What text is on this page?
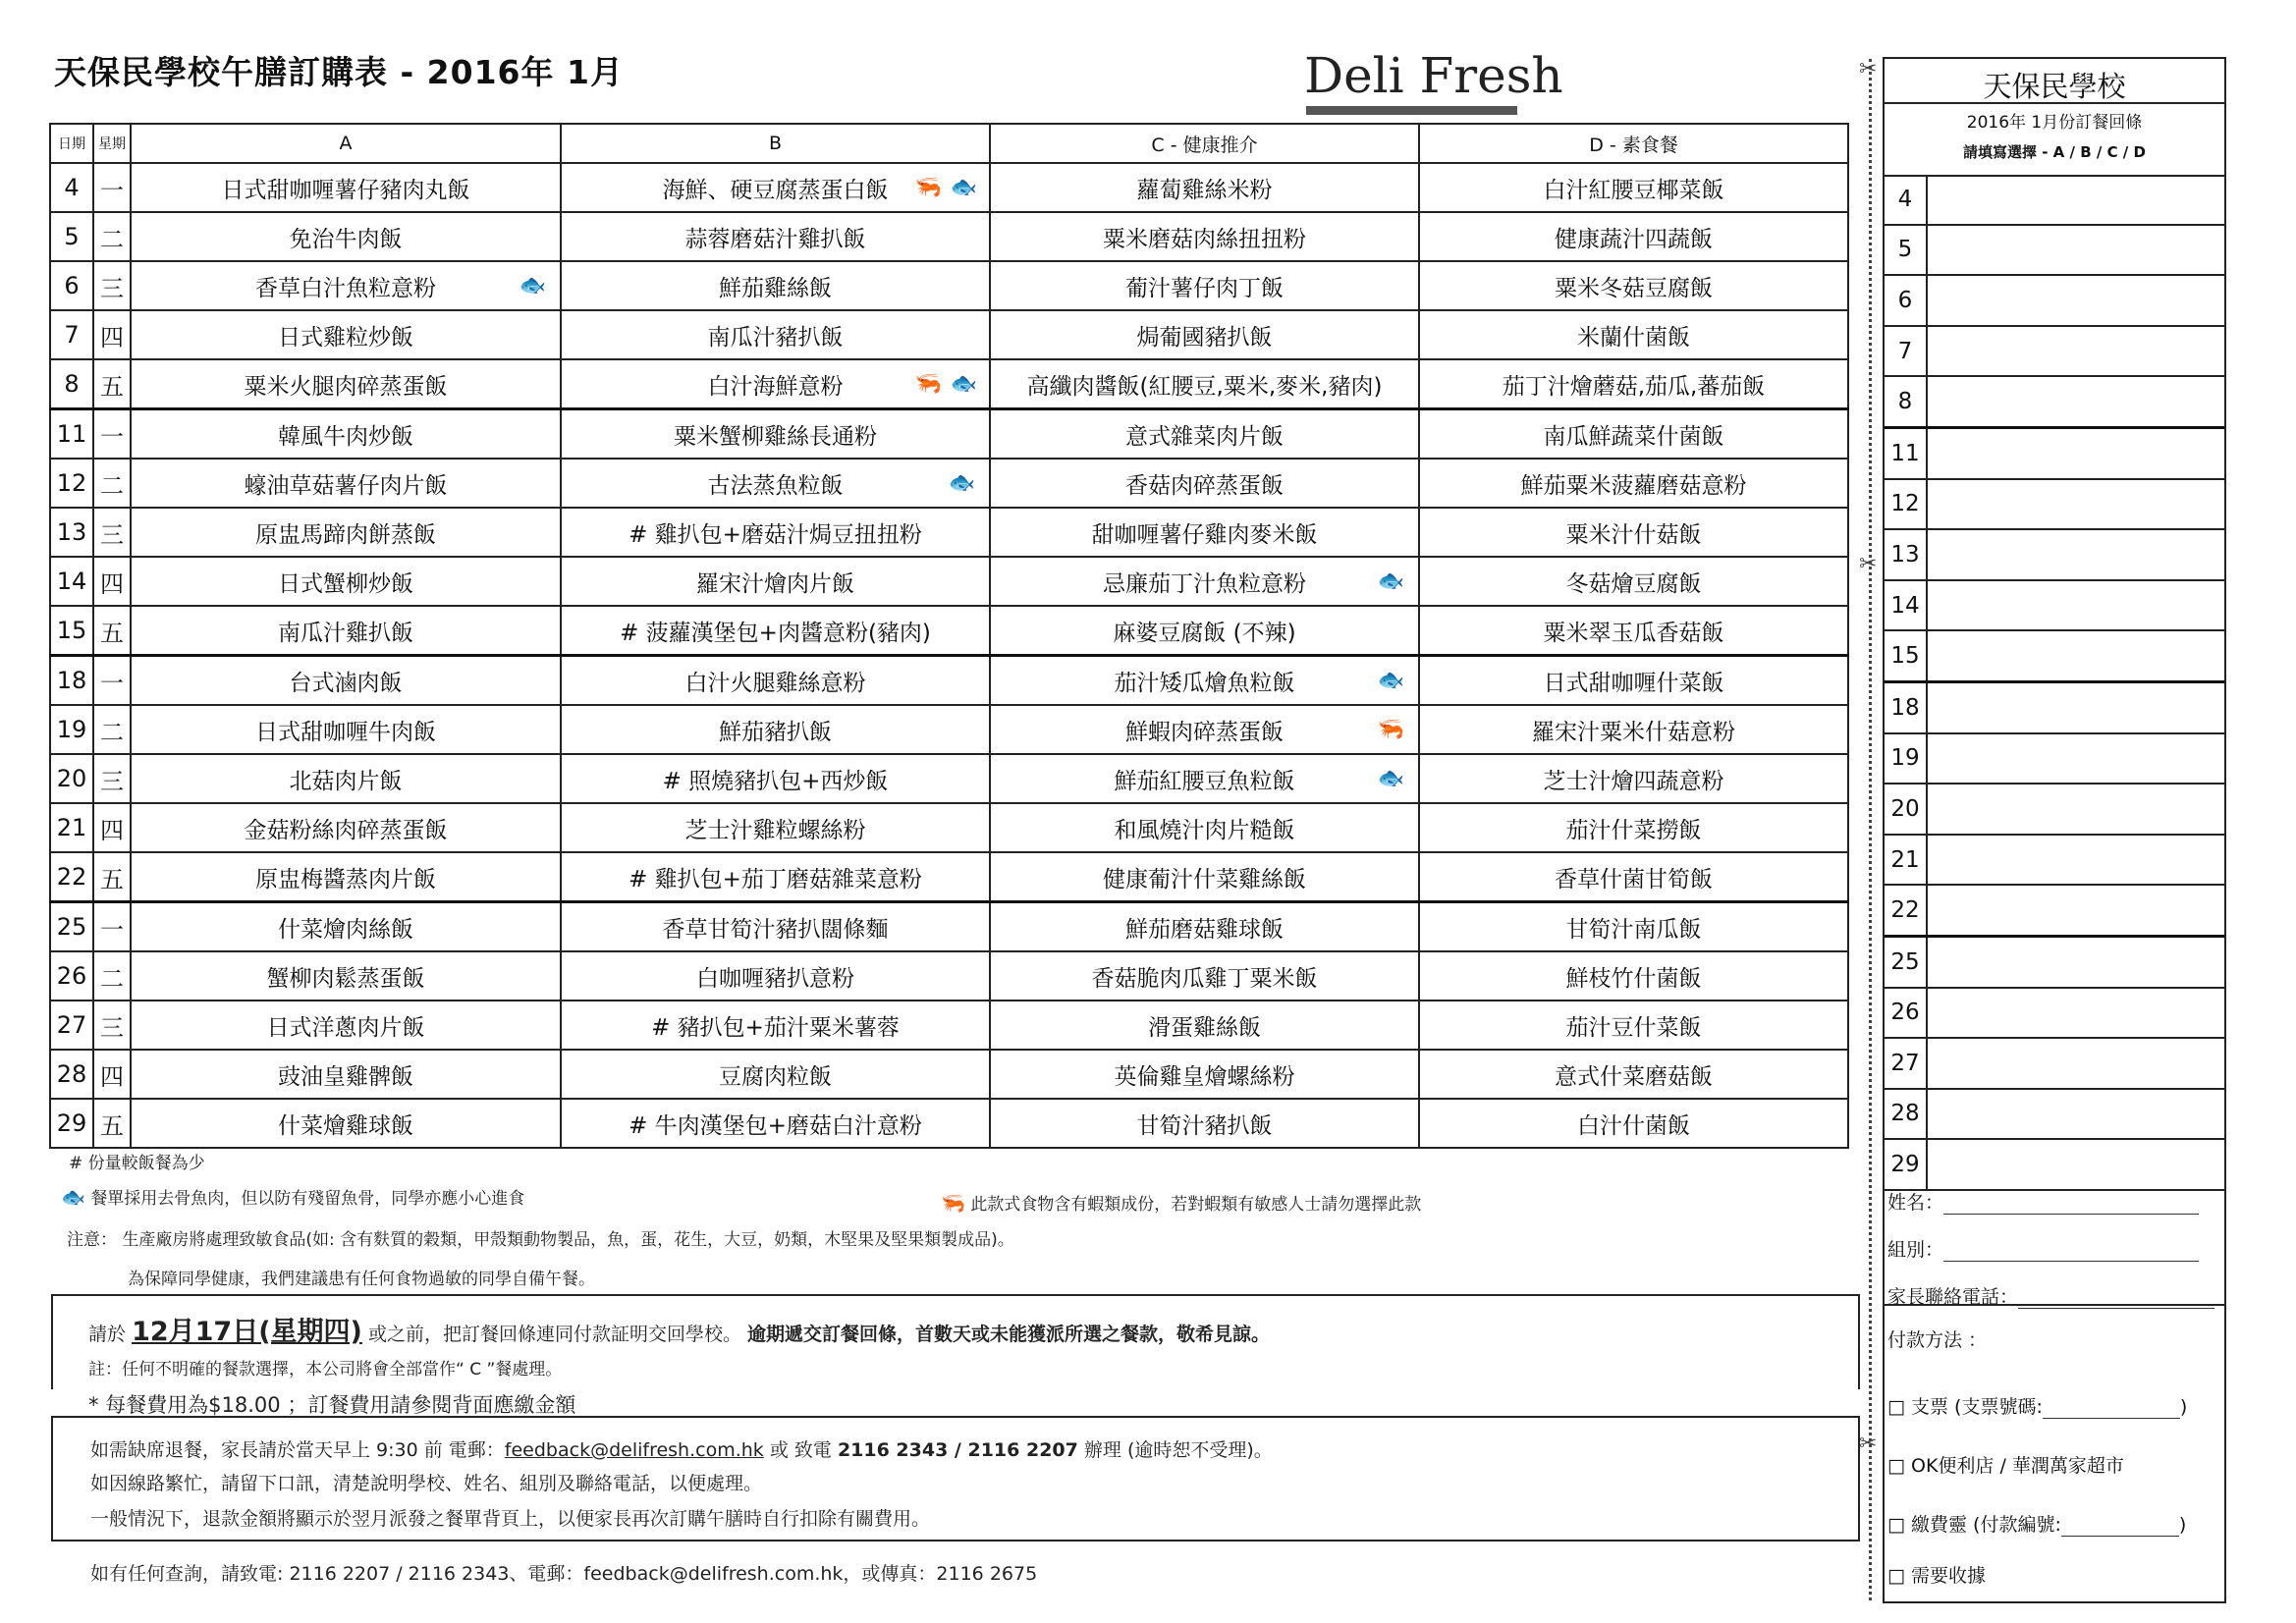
天保民學校午膳訂購表 - 2016年 1月	Deli Fresh
日期	星期	A	B	C - 健康推介	D - 素食餐
4	一	日式甜咖喱薯仔豬肉丸飯	海鮮、硬豆腐蒸蛋白飯 🦐 🐟	蘿蔔雞絲米粉	白汁紅腰豆椰菜飯
5	二	免治牛肉飯	蒜蓉磨菇汁雞扒飯	粟米磨菇肉絲扭扭粉	健康蔬汁四蔬飯
6	三	香草白汁魚粒意粉 🐟	鮮茄雞絲飯	葡汁薯仔肉丁飯	粟米冬菇豆腐飯
7	四	日式雞粒炒飯	南瓜汁豬扒飯	焗葡國豬扒飯	米蘭什菌飯
8	五	粟米火腿肉碎蒸蛋飯	白汁海鮮意粉 🦐 🐟	高纖肉醬飯(紅腰豆,粟米,麥米,豬肉)	茄丁汁燴蘑菇,茄瓜,蕃茄飯
11	一	韓風牛肉炒飯	粟米蟹柳雞絲長通粉	意式雜菜肉片飯	南瓜鮮蔬菜什菌飯
12	二	蠔油草菇薯仔肉片飯	古法蒸魚粒飯 🐟	香菇肉碎蒸蛋飯	鮮茄粟米菠蘿磨菇意粉
13	三	原盅馬蹄肉餅蒸飯	# 雞扒包+磨菇汁焗豆扭扭粉	甜咖喱薯仔雞肉麥米飯	粟米汁什菇飯
14	四	日式蟹柳炒飯	羅宋汁燴肉片飯	忌廉茄丁汁魚粒意粉 🐟	冬菇燴豆腐飯
15	五	南瓜汁雞扒飯	# 菠蘿漢堡包+肉醬意粉(豬肉)	麻婆豆腐飯 (不辣)	粟米翠玉瓜香菇飯
18	一	台式滷肉飯	白汁火腿雞絲意粉	茄汁矮瓜燴魚粒飯 🐟	日式甜咖喱什菜飯
19	二	日式甜咖喱牛肉飯	鮮茄豬扒飯	鮮蝦肉碎蒸蛋飯 🦐	羅宋汁粟米什菇意粉
20	三	北菇肉片飯	# 照燒豬扒包+西炒飯	鮮茄紅腰豆魚粒飯 🐟	芝士汁燴四蔬意粉
21	四	金菇粉絲肉碎蒸蛋飯	芝士汁雞粒螺絲粉	和風燒汁肉片糙飯	茄汁什菜撈飯
22	五	原盅梅醬蒸肉片飯	# 雞扒包+茄丁磨菇雜菜意粉	健康葡汁什菜雞絲飯	香草什菌甘筍飯
25	一	什菜燴肉絲飯	香草甘筍汁豬扒闊條麵	鮮茄磨菇雞球飯	甘筍汁南瓜飯
26	二	蟹柳肉鬆蒸蛋飯	白咖喱豬扒意粉	香菇脆肉瓜雞丁粟米飯	鮮枝竹什菌飯
27	三	日式洋蔥肉片飯	# 豬扒包+茄汁粟米薯蓉	滑蛋雞絲飯	茄汁豆什菜飯
28	四	豉油皇雞髀飯	豆腐肉粒飯	英倫雞皇燴螺絲粉	意式什菜磨菇飯
29	五	什菜燴雞球飯	# 牛肉漢堡包+磨菇白汁意粉	甘筍汁豬扒飯	白汁什菌飯
✂
✂
✂
天保民學校
2016年 1月份訂餐回條
請填寫選擇 - A / B / C / D
4
5
6
7
8
11
12
13
14
15
18
19
20
21
22
25
26
27
28
29
姓名：
組別：
家長聯絡電話：
付款方法 ：
□ 支票 (支票號碼:	)
□ OK便利店 / 華潤萬家超市
□ 繳費靈 (付款編號:	)
□ 需要收據
# 份量較飯餐為少
🐟 餐單採用去骨魚肉，但以防有殘留魚骨，同學亦應小心進食	🦐 此款式食物含有蝦類成份，若對蝦類有敏感人士請勿選擇此款
注意： 生產廠房將處理致敏食品(如: 含有麩質的穀類，甲殼類動物製品，魚，蛋，花生，大豆，奶類，木堅果及堅果類製成品)。
為保障同學健康，我們建議患有任何食物過敏的同學自備午餐。
請於 12月17日(星期四) 或之前，把訂餐回條連同付款証明交回學校。 逾期遞交訂餐回條，首數天或未能獲派所選之餐款，敬希見諒。
註：任何不明確的餐款選擇，本公司將會全部當作“ C ”餐處理。
* 每餐費用為$18.00 ；訂餐費用請參閱背面應繳金額
如需缺席退餐，家長請於當天早上 9:30 前 電郵：feedback@delifresh.com.hk 或 致電 2116 2343 / 2116 2207 辦理 (逾時恕不受理)。
如因線路繁忙，請留下口訊，清楚說明學校、姓名、組別及聯絡電話，以便處理。
一般情況下，退款金額將顯示於翌月派發之餐單背頁上，以便家長再次訂購午膳時自行扣除有關費用。
如有任何查詢，請致電: 2116 2207 / 2116 2343、電郵：feedback@delifresh.com.hk，或傳真：2116 2675
